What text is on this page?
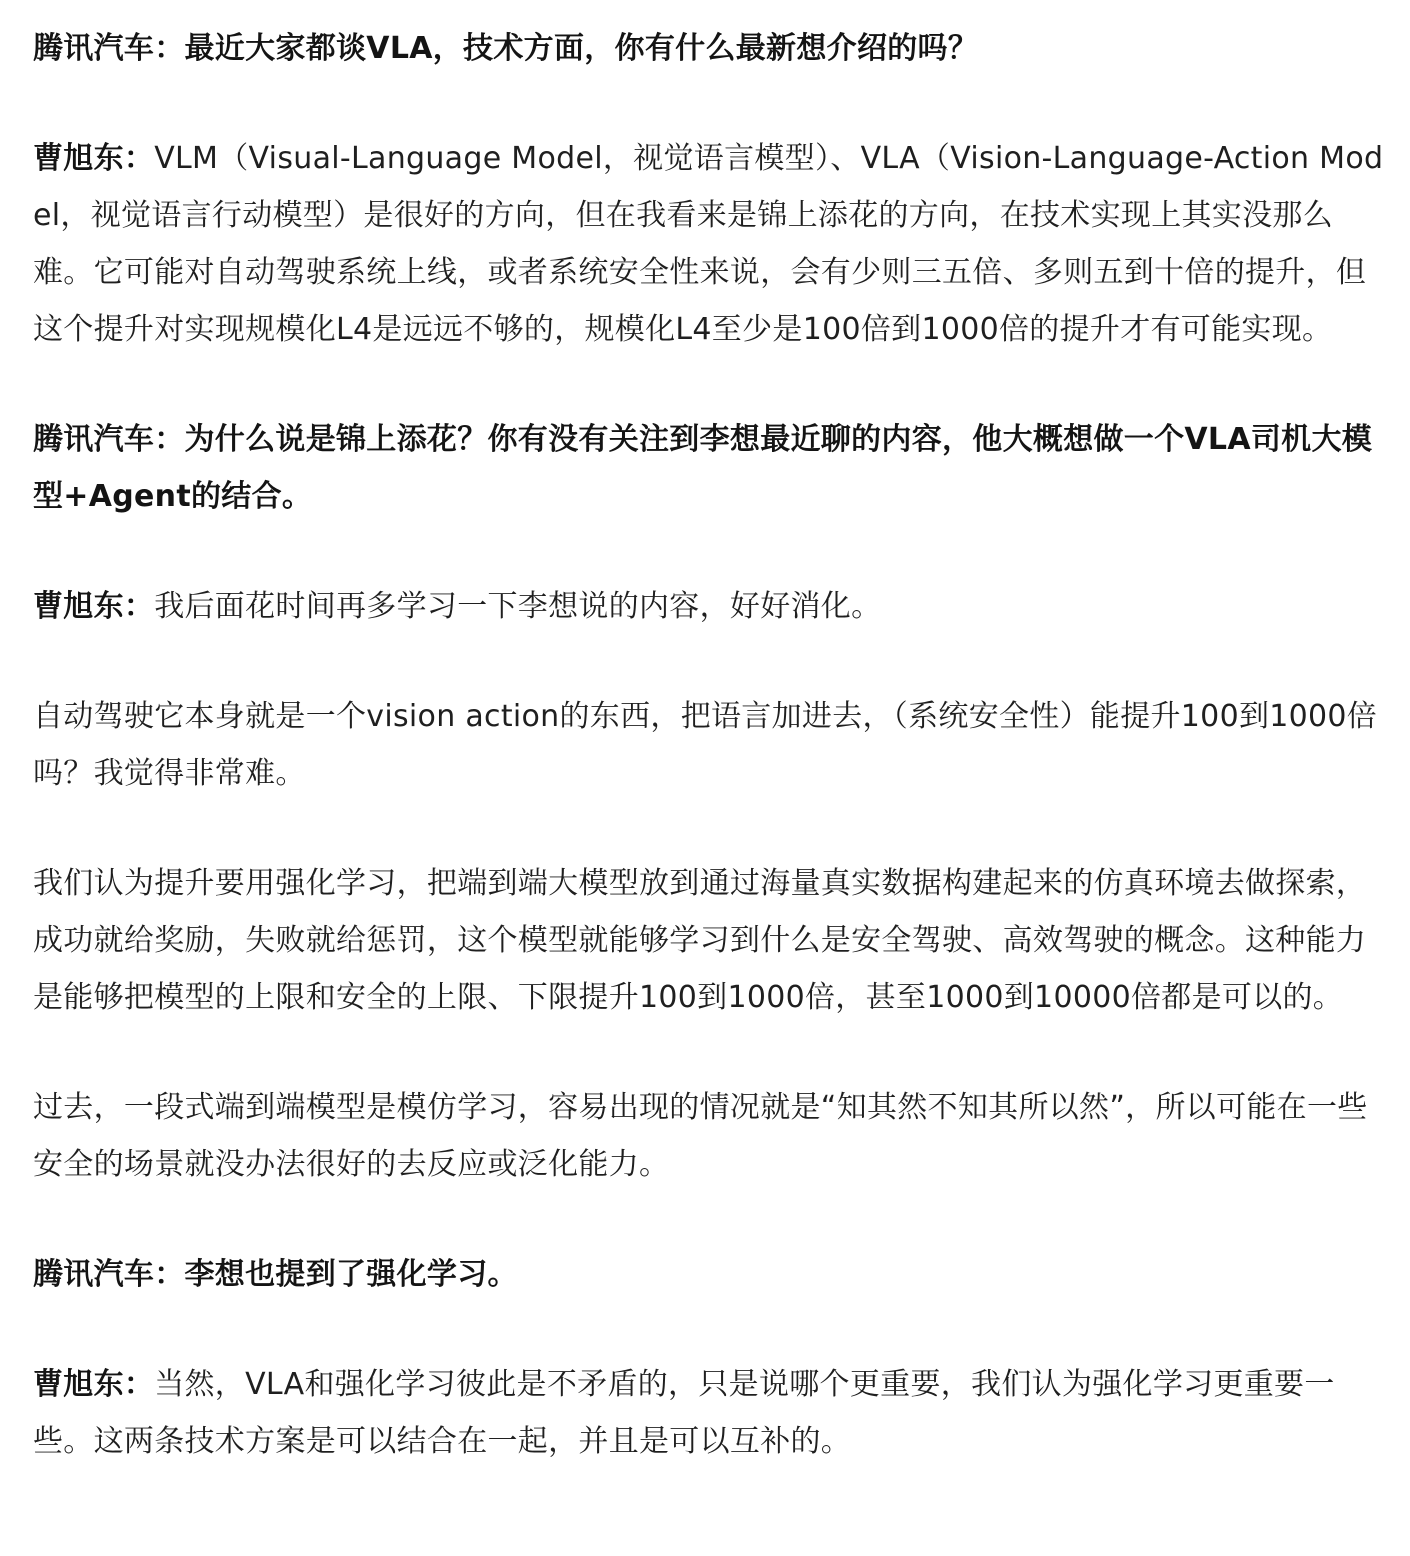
腾讯汽车：最近大家都谈VLA，技术方面，你有什么最新想介绍的吗？

曹旭东：VLM（Visual-Language Model，视觉语言模型）、VLA（Vision-Language-Action Model，视觉语言行动模型）是很好的方向，但在我看来是锦上添花的方向，在技术实现上其实没那么难。它可能对自动驾驶系统上线，或者系统安全性来说，会有少则三五倍、多则五到十倍的提升，但这个提升对实现规模化L4是远远不够的，规模化L4至少是100倍到1000倍的提升才有可能实现。

腾讯汽车：为什么说是锦上添花？你有没有关注到李想最近聊的内容，他大概想做一个VLA司机大模型+Agent的结合。

曹旭东：我后面花时间再多学习一下李想说的内容，好好消化。

自动驾驶它本身就是一个vision action的东西，把语言加进去，（系统安全性）能提升100到1000倍吗？我觉得非常难。

我们认为提升要用强化学习，把端到端大模型放到通过海量真实数据构建起来的仿真环境去做探索，成功就给奖励，失败就给惩罚，这个模型就能够学习到什么是安全驾驶、高效驾驶的概念。这种能力是能够把模型的上限和安全的上限、下限提升100到1000倍，甚至1000到10000倍都是可以的。

过去，一段式端到端模型是模仿学习，容易出现的情况就是“知其然不知其所以然”，所以可能在一些安全的场景就没办法很好的去反应或泛化能力。

腾讯汽车：李想也提到了强化学习。

曹旭东：当然，VLA和强化学习彼此是不矛盾的，只是说哪个更重要，我们认为强化学习更重要一些。这两条技术方案是可以结合在一起，并且是可以互补的。
